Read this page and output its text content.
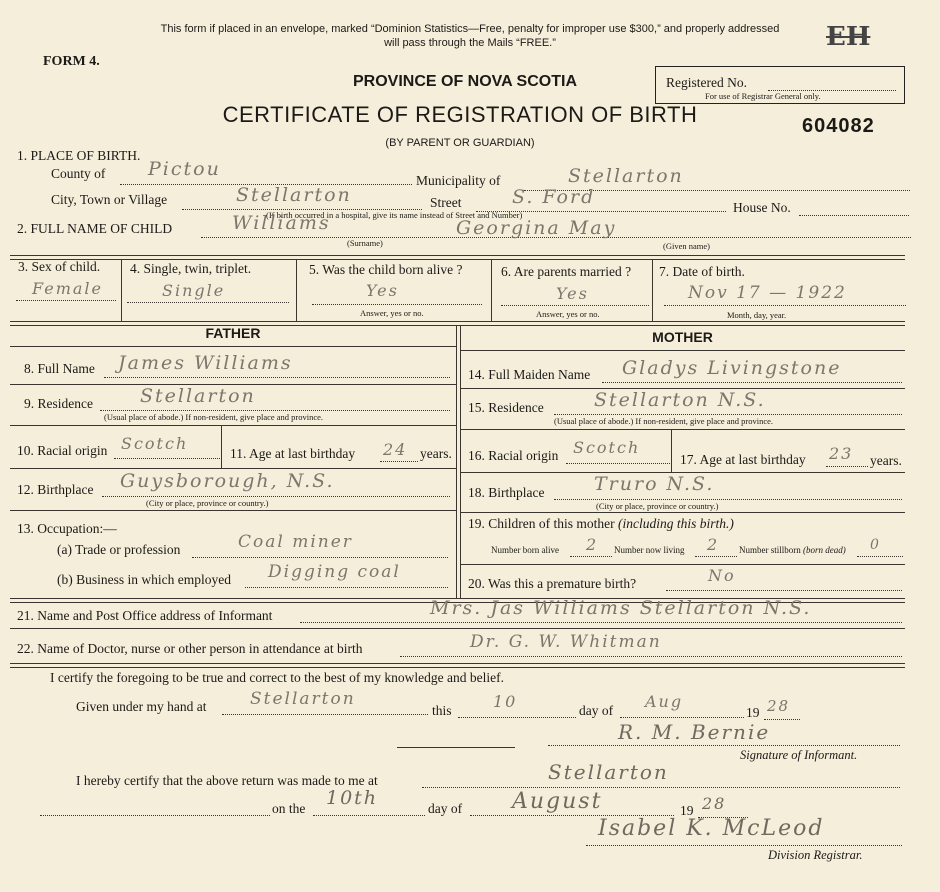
This form if placed in an envelope, marked “Dominion Statistics—Free, penalty for improper use $300,” and properly addressed
will pass through the Mails “FREE.”	EH
FORM 4.
PROVINCE OF NOVA SCOTIA	Registered No.
For use of Registrar General only.
CERTIFICATE OF REGISTRATION OF BIRTH	604082
(BY PARENT OR GUARDIAN)
1. PLACE OF BIRTH.
County of Pictou
Municipality of	Stellarton
City, Town or Village	Stellarton	Street	S. Ford	House No.
(If birth occurred in a hospital, give its name instead of Street and Number)
2. FULL NAME OF CHILD	Williams	Georgina May
(Surname)	(Given name)
3. Sex of child.
Female
4. Single, twin, triplet.
Single
5. Was the child born alive ?
Yes
Answer, yes or no.
6. Are parents married ?
Yes
Answer, yes or no.
7. Date of birth.
Nov 17 — 1922
Month, day, year.
FATHER	MOTHER
8. Full Name James Williams
9. Residence Stellarton
(Usual place of abode.) If non-resident, give place and province.
10. Racial origin Scotch
11. Age at last birthday 24 years.
12. Birthplace Guysborough, N.S.
(City or place, province or country.)
13. Occupation:—
(a) Trade or profession	Coal miner
(b) Business in which employed Digging coal
14. Full Maiden Name Gladys Livingstone
15. Residence	Stellarton N.S.
(Usual place of abode.) If non-resident, give place and province.
16. Racial origin Scotch
17. Age at last birthday 23 years.
18. Birthplace	Truro N.S.
(City or place, province or country.)
19. Children of this mother (including this birth.)
Number born alive 2 Number now living 2 Number stillborn (born dead) 0
20. Was this a premature birth?	No
21. Name and Post Office address of Informant	Mrs. Jas Williams Stellarton N.S.
22. Name of Doctor, nurse or other person in attendance at birth	Dr. G. W. Whitman
I certify the foregoing to be true and correct to the best of my knowledge and belief.
Given under my hand at	Stellarton
this	10	day of Aug
19 28
R. M. Bernie
Signature of Informant.
I hereby certify that the above return was made to me at	Stellarton
on the 10th	day of August	19 28
Isabel K. McLeod
Division Registrar.
